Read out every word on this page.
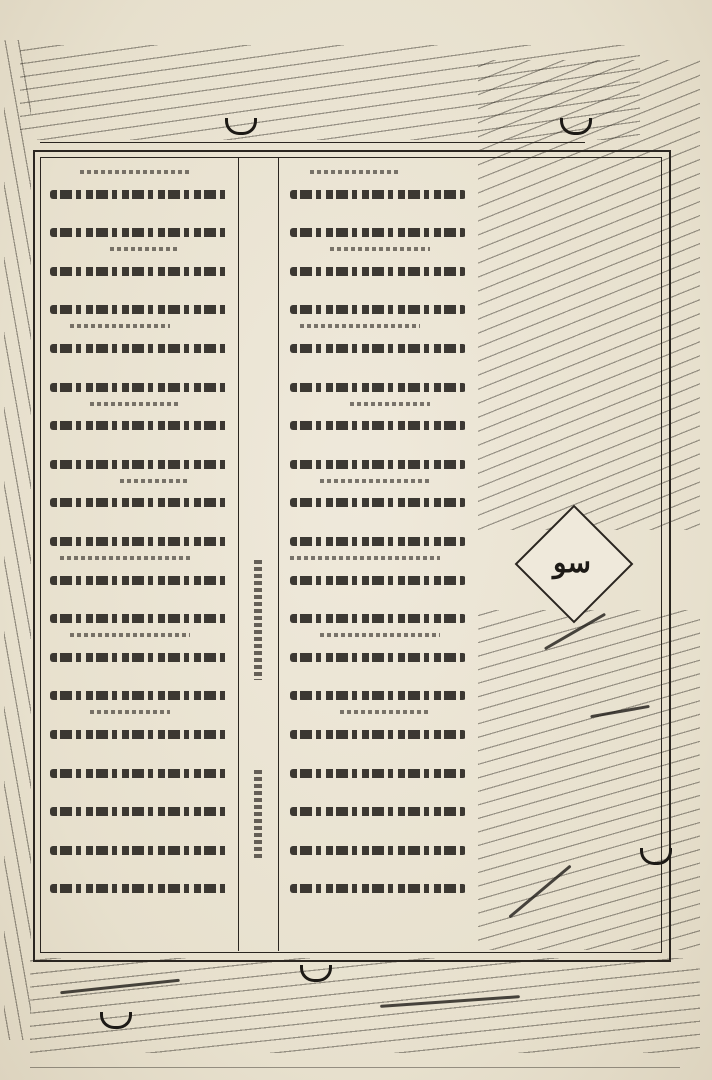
سو
